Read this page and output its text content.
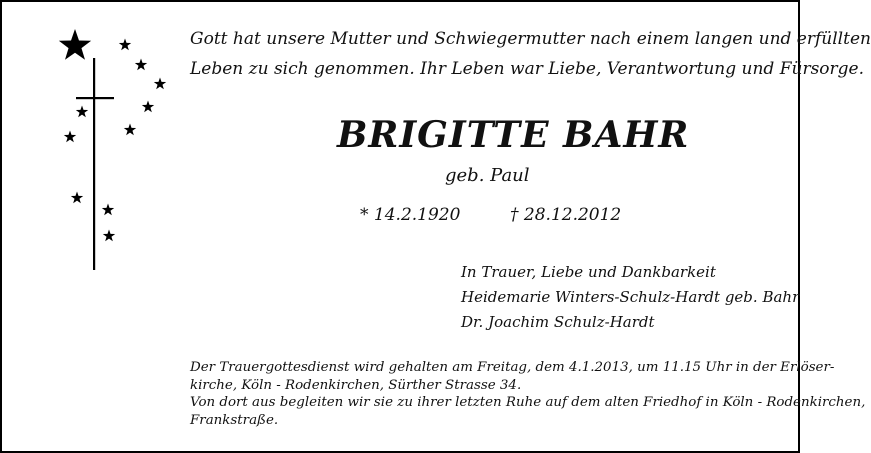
Gott hat unsere Mutter und Schwiegermutter nach einem langen und erfüllten
Leben zu sich genommen. Ihr Leben war Liebe, Verantwortung und Fürsorge.

BRIGITTE BAHR

geb. Paul

* 14.2.1920	† 28.12.2012

In Trauer, Liebe und Dankbarkeit
Heidemarie Winters-Schulz-Hardt geb. Bahr
Dr. Joachim Schulz-Hardt

Der Trauergottesdienst wird gehalten am Freitag, dem 4.1.2013, um 11.15 Uhr in der Erlöser-
kirche, Köln - Rodenkirchen, Sürther Strasse 34.
Von dort aus begleiten wir sie zu ihrer letzten Ruhe auf dem alten Friedhof in Köln - Rodenkirchen,
Frankstraße.
